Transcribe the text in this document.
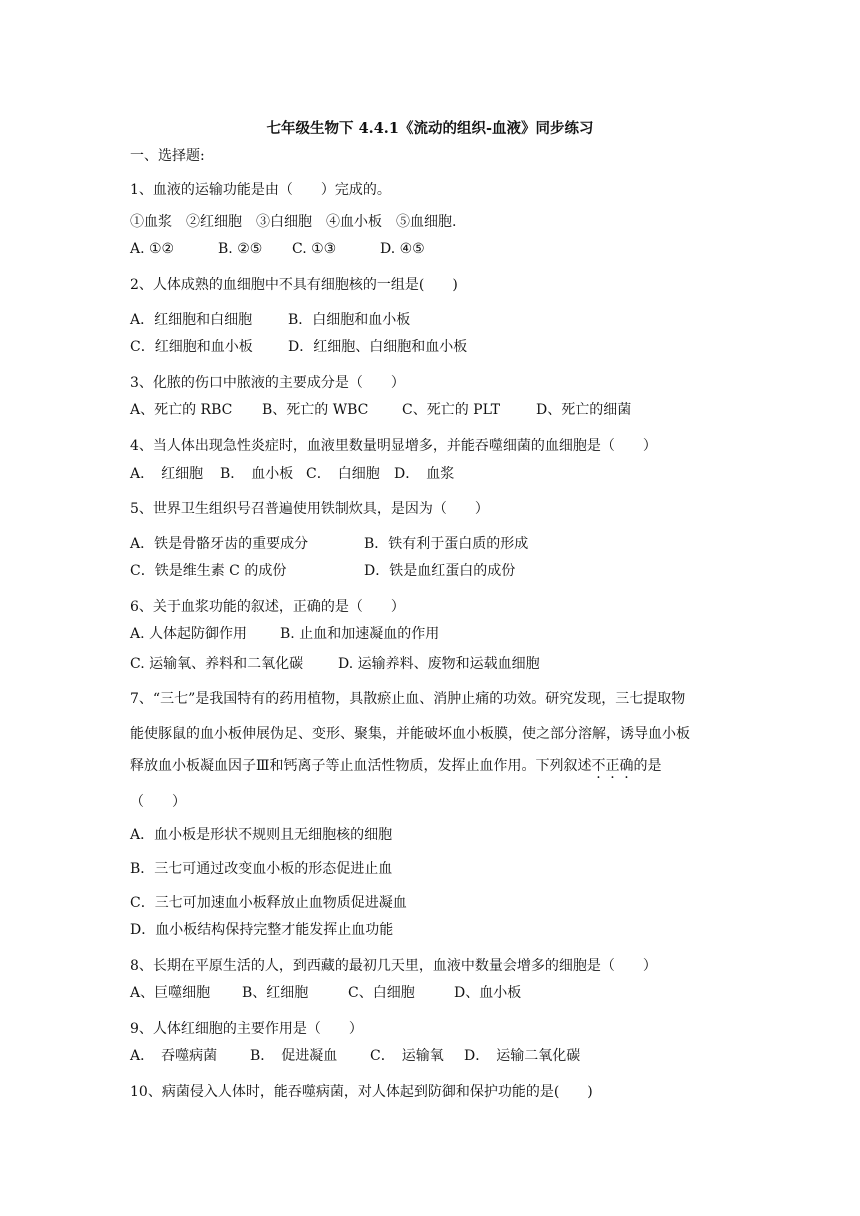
七年级生物下 4.4.1《流动的组织-血液》同步练习
一、选择题:
1、血液的运输功能是由（　　）完成的。
①血浆　②红细胞　③白细胞　④血小板　⑤血细胞.
A. ①②	B. ②⑤	C. ①③	D. ④⑤
2、人体成熟的血细胞中不具有细胞核的一组是(　　)
A．红细胞和白细胞	B．白细胞和血小板
C．红细胞和血小板	D．红细胞、白细胞和血小板
3、化脓的伤口中脓液的主要成分是（　　）
A、死亡的 RBC	B、死亡的 WBC	C、死亡的 PLT	D、死亡的细菌
4、当人体出现急性炎症时，血液里数量明显增多，并能吞噬细菌的血细胞是（　　）
A．　红细胞	B．　血小板 C．　白细胞	D．　血浆
5、世界卫生组织号召普遍使用铁制炊具，是因为（　　）
A．铁是骨骼牙齿的重要成分	B．铁有利于蛋白质的形成
C．铁是维生素 C 的成份	D．铁是血红蛋白的成份
6、关于血浆功能的叙述，正确的是（　　）
A. 人体起防御作用	B. 止血和加速凝血的作用
C. 运输氧、养料和二氧化碳	D. 运输养料、废物和运载血细胞
7、“三七”是我国特有的药用植物，具散瘀止血、消肿止痛的功效。研究发现，三七提取物
能使豚鼠的血小板伸展伪足、变形、聚集，并能破坏血小板膜，使之部分溶解，诱导血小板
释放血小板凝血因子Ⅲ和钙离子等止血活性物质，发挥止血作用。下列叙述不正确的是
（　　）
A．血小板是形状不规则且无细胞核的细胞
B．三七可通过改变血小板的形态促进止血
C．三七可加速血小板释放止血物质促进凝血
D．血小板结构保持完整才能发挥止血功能
8、长期在平原生活的人，到西藏的最初几天里，血液中数量会增多的细胞是（　　）
A、巨噬细胞	B、红细胞	C、白细胞	D、血小板
9、人体红细胞的主要作用是（　　）
A．　吞噬病菌	B．　促进凝血	C．　运输氧	D．　运输二氧化碳
10、病菌侵入人体时，能吞噬病菌，对人体起到防御和保护功能的是(　　)
